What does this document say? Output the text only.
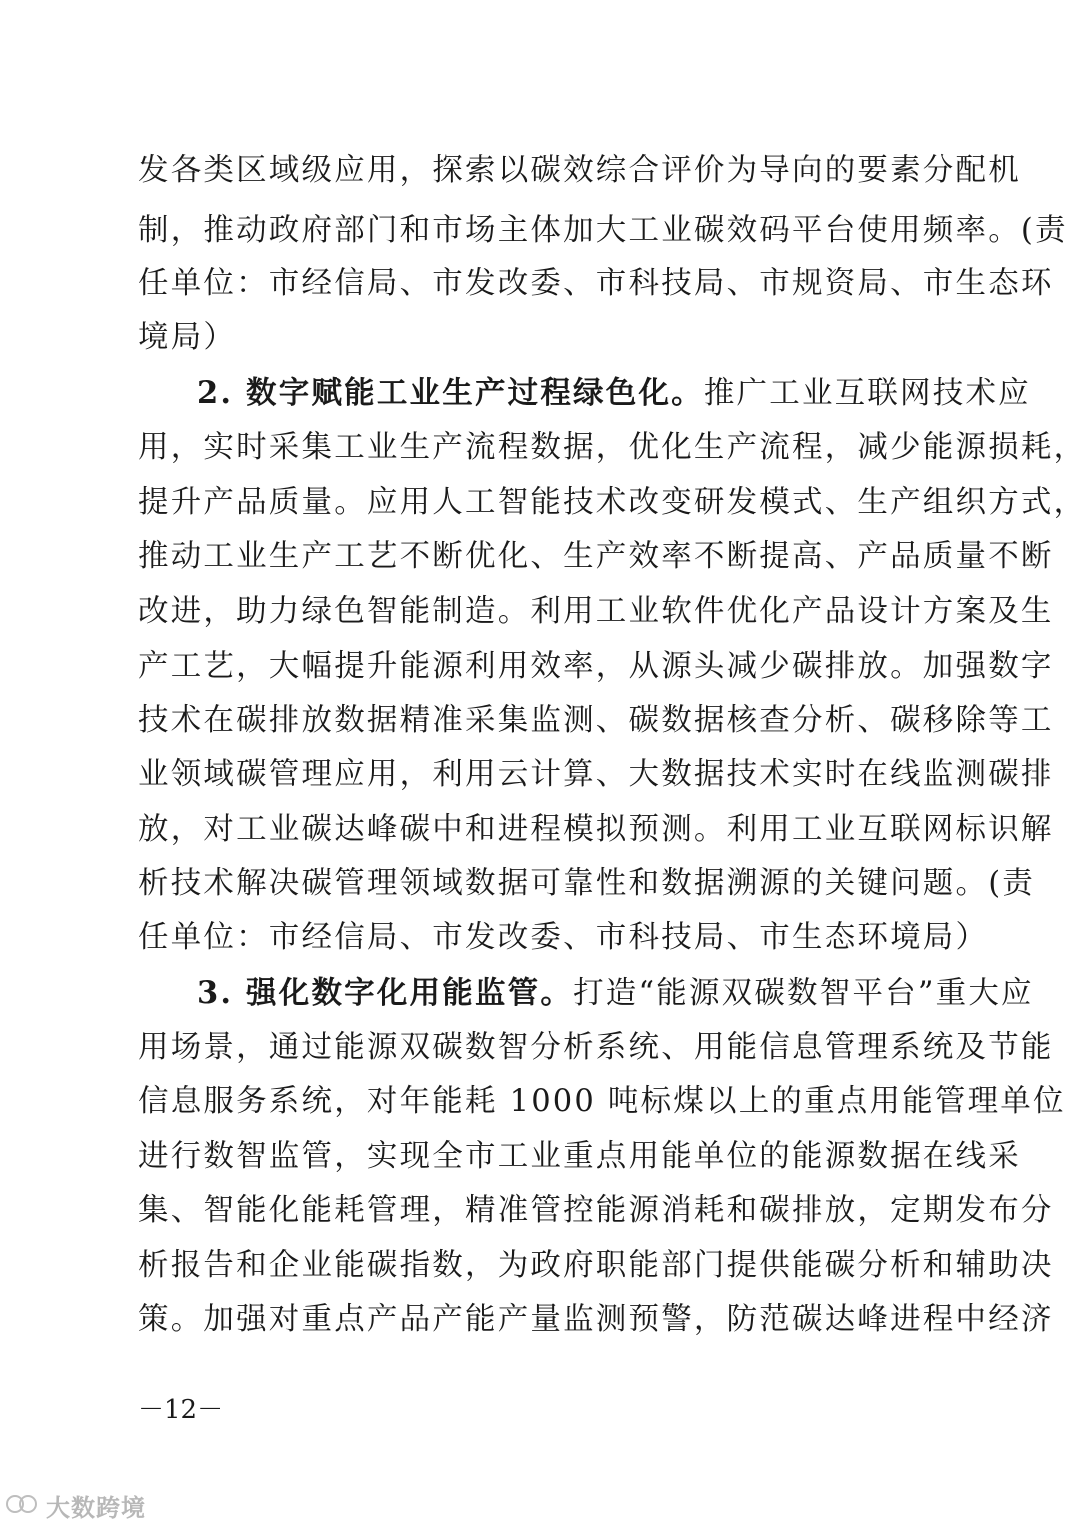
发各类区域级应用，探索以碳效综合评价为导向的要素分配机
制，推动政府部门和市场主体加大工业碳效码平台使用频率。(责
任单位：市经信局、市发改委、市科技局、市规资局、市生态环
境局）
2. 数字赋能工业生产过程绿色化。推广工业互联网技术应
用，实时采集工业生产流程数据，优化生产流程，减少能源损耗，
提升产品质量。应用人工智能技术改变研发模式、生产组织方式，
推动工业生产工艺不断优化、生产效率不断提高、产品质量不断
改进，助力绿色智能制造。利用工业软件优化产品设计方案及生
产工艺，大幅提升能源利用效率，从源头减少碳排放。加强数字
技术在碳排放数据精准采集监测、碳数据核查分析、碳移除等工
业领域碳管理应用，利用云计算、大数据技术实时在线监测碳排
放，对工业碳达峰碳中和进程模拟预测。利用工业互联网标识解
析技术解决碳管理领域数据可靠性和数据溯源的关键问题。(责
任单位：市经信局、市发改委、市科技局、市生态环境局）
3. 强化数字化用能监管。打造“能源双碳数智平台”重大应
用场景，通过能源双碳数智分析系统、用能信息管理系统及节能
信息服务系统，对年能耗 1000 吨标煤以上的重点用能管理单位
进行数智监管，实现全市工业重点用能单位的能源数据在线采
集、智能化能耗管理，精准管控能源消耗和碳排放，定期发布分
析报告和企业能碳指数，为政府职能部门提供能碳分析和辅助决
策。加强对重点产品产能产量监测预警，防范碳达峰进程中经济
－12－
大数跨境
